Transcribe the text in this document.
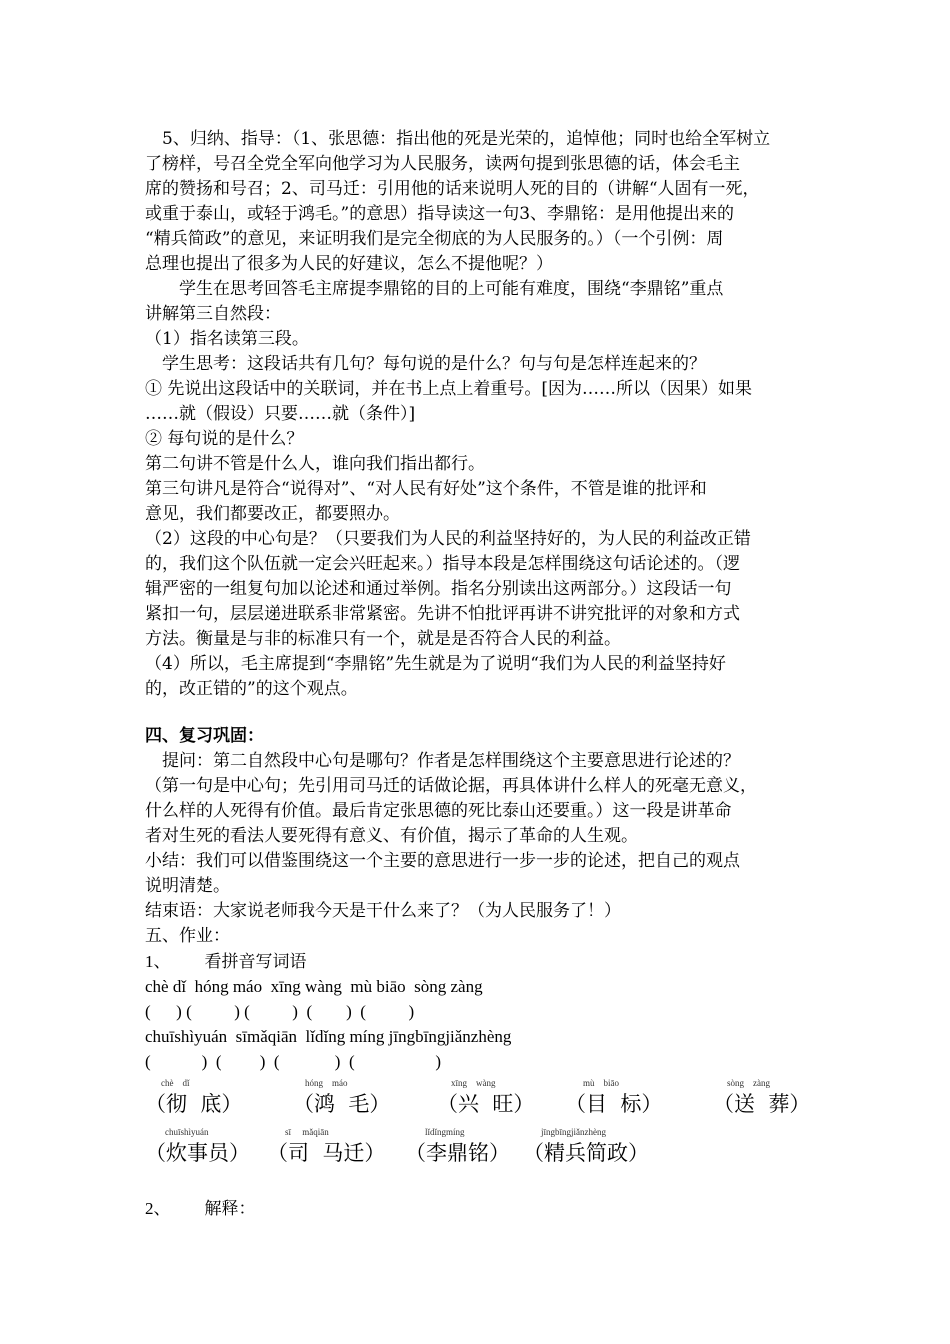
　5、归纳、指导：（1、张思德：指出他的死是光荣的，追悼他；同时也给全军树立
了榜样，号召全党全军向他学习为人民服务，读两句提到张思德的话，体会毛主
席的赞扬和号召；2、司马迁：引用他的话来说明人死的目的（讲解“人固有一死，
或重于泰山，或轻于鸿毛。”的意思）指导读这一句3、李鼎铭：是用他提出来的
“精兵简政”的意见，来证明我们是完全彻底的为人民服务的。）（一个引例：周
总理也提出了很多为人民的好建议，怎么不提他呢？）
　　学生在思考回答毛主席提李鼎铭的目的上可能有难度，围绕“李鼎铭”重点
讲解第三自然段：
（1）指名读第三段。
　学生思考：这段话共有几句？每句说的是什么？句与句是怎样连起来的？
① 先说出这段话中的关联词，并在书上点上着重号。[因为……所以（因果）如果
……就（假设）只要……就（条件）]
② 每句说的是什么？
第二句讲不管是什么人，谁向我们指出都行。
第三句讲凡是符合“说得对”、“对人民有好处”这个条件，不管是谁的批评和
意见，我们都要改正，都要照办。
（2）这段的中心句是？（只要我们为人民的利益坚持好的，为人民的利益改正错
的，我们这个队伍就一定会兴旺起来。）指导本段是怎样围绕这句话论述的。（逻
辑严密的一组复句加以论述和通过举例。指名分别读出这两部分。）这段话一句
紧扣一句，层层递进联系非常紧密。先讲不怕批评再讲不讲究批评的对象和方式
方法。衡量是与非的标准只有一个，就是是否符合人民的利益。
（4）所以，毛主席提到“李鼎铭”先生就是为了说明“我们为人民的利益坚持好
的，改正错的”的这个观点。
四、复习巩固：
　提问：第二自然段中心句是哪句？作者是怎样围绕这个主要意思进行论述的？
（第一句是中心句；先引用司马迁的话做论据，再具体讲什么样人的死毫无意义，
什么样的人死得有价值。最后肯定张思德的死比泰山还要重。）这一段是讲革命
者对生死的看法人要死得有意义、有价值，揭示了革命的人生观。
小结：我们可以借鉴围绕这一个主要的意思进行一步一步的论述，把自己的观点
说明清楚。
结束语：大家说老师我今天是干什么来了？（为人民服务了！）
五、作业：
1、        看拼音写词语
chè dǐ  hóng máo  xīng wàng  mù biāo  sòng zàng
(      ) (          ) (          )  (        )  (          )
chuīshìyuán  sīmǎqiān  lǐdǐng míng jīngbīngjiǎnzhèng
(            )  (         )  (             )  (                   )
chè    dǐ
（彻  底）
hóng    máo
（鸿  毛）
xīng    wàng
（兴  旺）
mù    biāo
（目  标）
sòng    zàng
（送  葬）
chuīshìyuán
（炊事员）
sī     mǎqiān
（司  马迁）
lǐdǐngmíng
（李鼎铭）
jīngbīngjiǎnzhèng
（精兵简政）
2、        解释：
